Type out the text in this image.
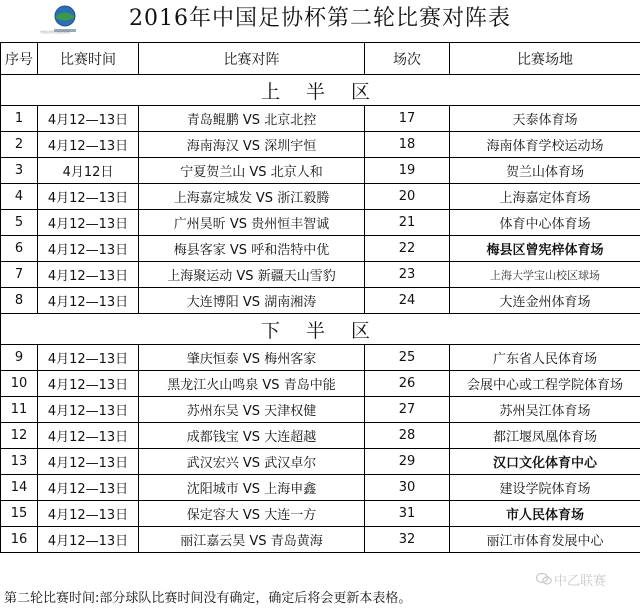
中国足球协会超级联赛
2016年中国足协杯第二轮比赛对阵表
序号	比赛时间	比赛对阵	场次	比赛场地
上 半 区				
1	4月12—13日	青岛鲲鹏 VS 北京北控	17	天泰体育场
2	4月12—13日	海南海汉 VS 深圳宇恒	18	海南体育学校运动场
3	4月12日	宁夏贺兰山 VS 北京人和	19	贺兰山体育场
4	4月12—13日	上海嘉定城发 VS 浙江毅腾	20	上海嘉定体育场
5	4月12—13日	广州昊昕 VS 贵州恒丰智诚	21	体育中心体育场
6	4月12—13日	梅县客家 VS 呼和浩特中优	22	梅县区曾宪梓体育场
7	4月12—13日	上海聚运动 VS 新疆天山雪豹	23	上海大学宝山校区球场
8	4月12—13日	大连博阳 VS 湖南湘涛	24	大连金州体育场
下 半 区				
9	4月12—13日	肇庆恒泰 VS 梅州客家	25	广东省人民体育场
10	4月12—13日	黑龙江火山鸣泉 VS 青岛中能	26	会展中心或工程学院体育场
11	4月12—13日	苏州东吴 VS 天津权健	27	苏州吴江体育场
12	4月12—13日	成都钱宝 VS 大连超越	28	都江堰凤凰体育场
13	4月12—13日	武汉宏兴 VS 武汉卓尔	29	汉口文化体育中心
14	4月12—13日	沈阳城市 VS 上海申鑫	30	建设学院体育场
15	4月12—13日	保定容大 VS 大连一方	31	市人民体育场
16	4月12—13日	丽江嘉云昊 VS 青岛黄海	32	丽江市体育发展中心
第二轮比赛时间:部分球队比赛时间没有确定，确定后将会更新本表格。
中乙联赛
